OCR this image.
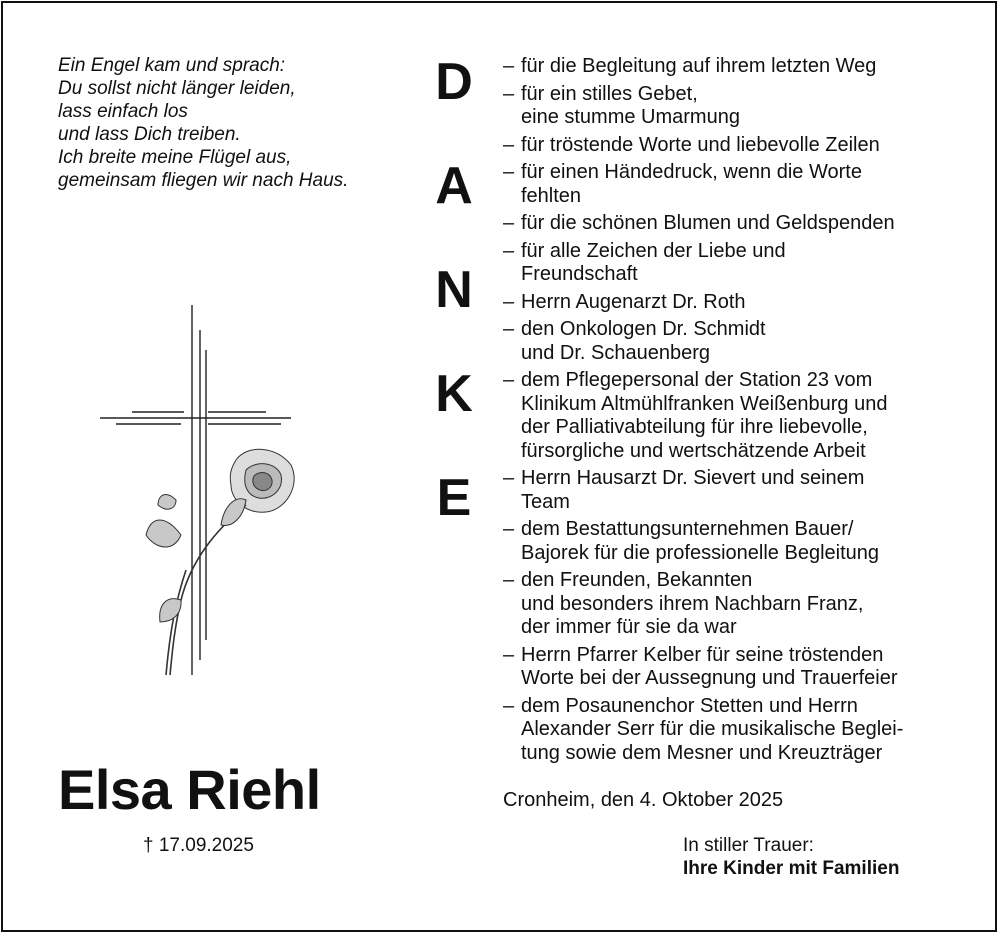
Ein Engel kam und sprach:
Du sollst nicht länger leiden,
lass einfach los
und lass Dich treiben.
Ich breite meine Flügel aus,
gemeinsam fliegen wir nach Haus.
Elsa Riehl
† 17.09.2025
D
A
N
K
E
– für die Begleitung auf ihrem letzten Weg
– für ein stilles Gebet,
eine stumme Umarmung
– für tröstende Worte und liebevolle Zeilen
– für einen Händedruck, wenn die Worte
fehlten
– für die schönen Blumen und Geldspenden
– für alle Zeichen der Liebe und
Freundschaft
– Herrn Augenarzt Dr. Roth
– den Onkologen Dr. Schmidt
und Dr. Schauenberg
– dem Pflegepersonal der Station 23 vom
Klinikum Altmühlfranken Weißenburg und
der Palliativabteilung für ihre liebevolle,
fürsorgliche und wertschätzende Arbeit
– Herrn Hausarzt Dr. Sievert und seinem
Team
– dem Bestattungsunternehmen Bauer/
Bajorek für die professionelle Begleitung
– den Freunden, Bekannten
und besonders ihrem Nachbarn Franz,
der immer für sie da war
– Herrn Pfarrer Kelber für seine tröstenden
Worte bei der Aussegnung und Trauerfeier
– dem Posaunenchor Stetten und Herrn
Alexander Serr für die musikalische Beglei-
tung sowie dem Mesner und Kreuzträger
Cronheim, den 4. Oktober 2025
In stiller Trauer:
Ihre Kinder mit Familien
